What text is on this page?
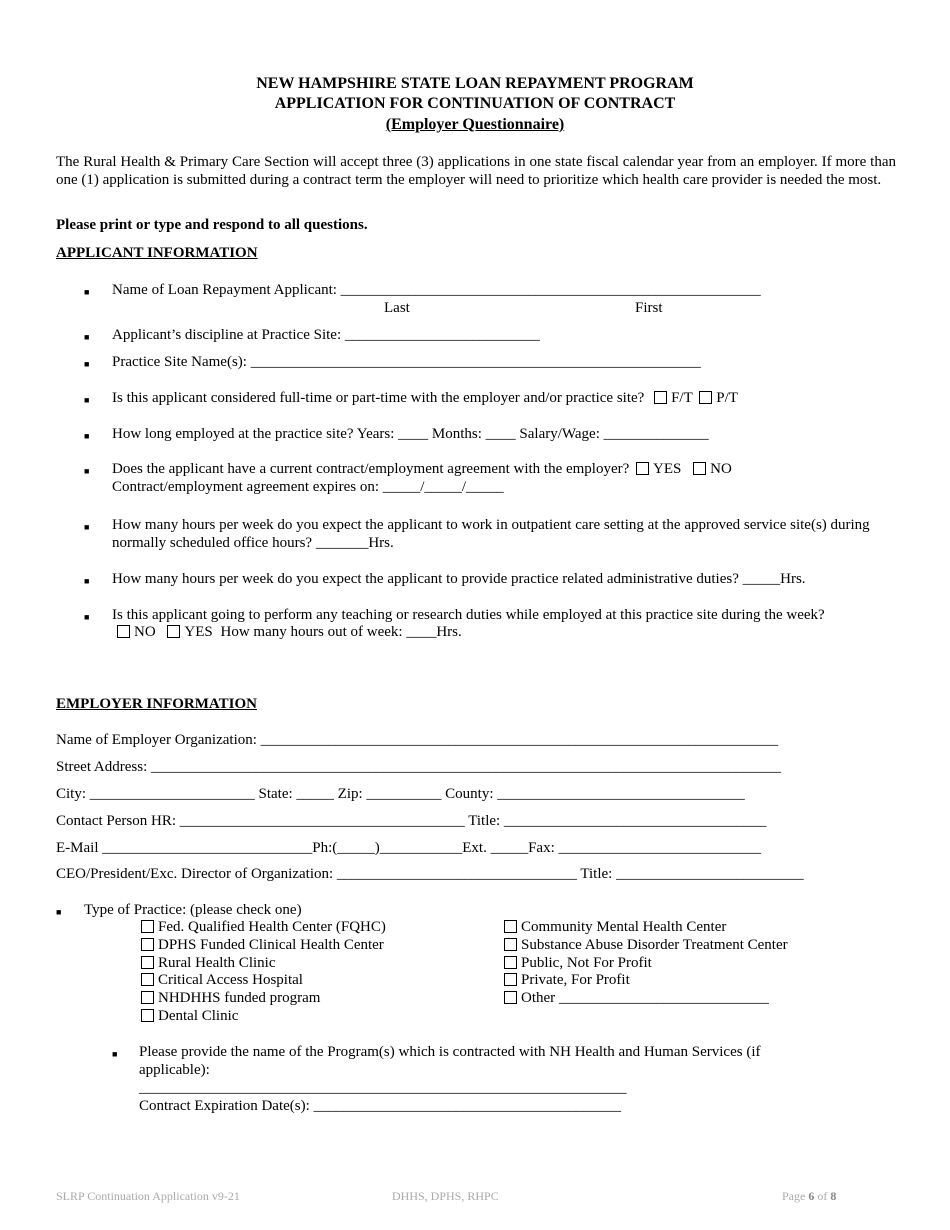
NEW HAMPSHIRE STATE LOAN REPAYMENT PROGRAM
APPLICATION FOR CONTINUATION OF CONTRACT
(Employer Questionnaire)
The Rural Health & Primary Care Section will accept three (3) applications in one state fiscal calendar year from an employer. If more than one (1) application is submitted during a contract term the employer will need to prioritize which health care provider is needed the most.
Please print or type and respond to all questions.
APPLICANT INFORMATION
■ Name of Loan Repayment Applicant: ________________________________________________________
Last	First
■ Applicant’s discipline at Practice Site: __________________________
■ Practice Site Name(s): ____________________________________________________________
■ Is this applicant considered full-time or part-time with the employer and/or practice site? F/T P/T
■ How long employed at the practice site? Years: ____ Months: ____ Salary/Wage: ______________
■ Does the applicant have a current contract/employment agreement with the employer? YES NO
Contract/employment agreement expires on: _____/_____/_____
■ How many hours per week do you expect the applicant to work in outpatient care setting at the approved service site(s) during
normally scheduled office hours? _______Hrs.
■ How many hours per week do you expect the applicant to provide practice related administrative duties? _____Hrs.
■ Is this applicant going to perform any teaching or research duties while employed at this practice site during the week?
NO YES How many hours out of week: ____Hrs.
EMPLOYER INFORMATION
Name of Employer Organization: _____________________________________________________________________
Street Address: ____________________________________________________________________________________
City: ______________________ State: _____ Zip: __________ County: _________________________________
Contact Person HR: ______________________________________ Title: ___________________________________
E-Mail ____________________________Ph:(_____)___________Ext. _____Fax: ___________________________
CEO/President/Exc. Director of Organization: ________________________________ Title: _________________________
■ Type of Practice: (please check one)
Fed. Qualified Health Center (FQHC)
DPHS Funded Clinical Health Center
Rural Health Clinic
Critical Access Hospital
NHDHHS funded program
Dental Clinic
Community Mental Health Center
Substance Abuse Disorder Treatment Center
Public, Not For Profit
Private, For Profit
Other ____________________________
■ Please provide the name of the Program(s) which is contracted with NH Health and Human Services (if
applicable):
_________________________________________________________________
Contract Expiration Date(s): _________________________________________
SLRP Continuation Application v9-21	DHHS, DPHS, RHPC	Page 6 of 8
